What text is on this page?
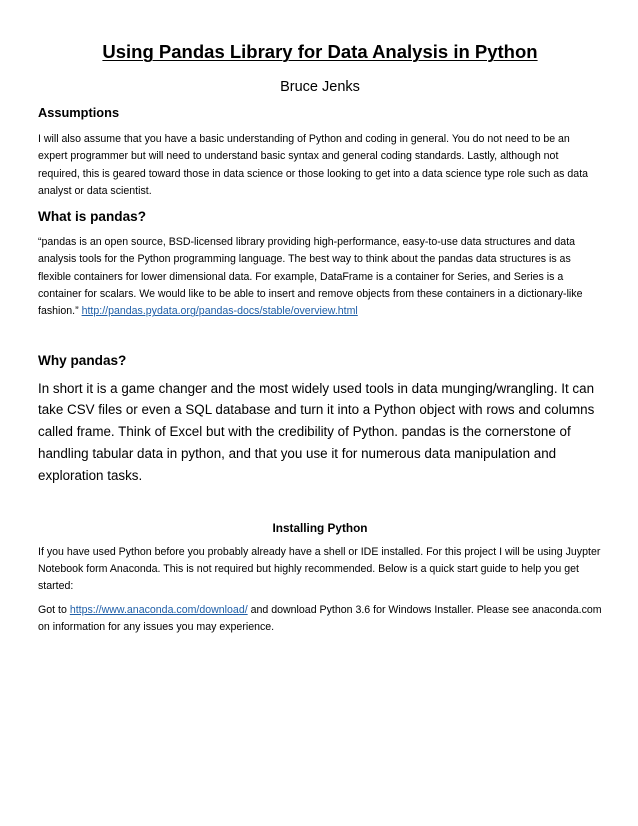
Using Pandas Library for Data Analysis in Python

Bruce Jenks

Assumptions

I will also assume that you have a basic understanding of Python and coding in general. You do not need to be an expert programmer but will need to understand basic syntax and general coding standards. Lastly, although not required, this is geared toward those in data science or those looking to get into a data science type role such as data analyst or data scientist.

What is pandas?

“pandas is an open source, BSD-licensed library providing high-performance, easy-to-use data structures and data analysis tools for the Python programming language. The best way to think about the pandas data structures is as flexible containers for lower dimensional data. For example, DataFrame is a container for Series, and Series is a container for scalars. We would like to be able to insert and remove objects from these containers in a dictionary-like fashion.” http://pandas.pydata.org/pandas-docs/stable/overview.html

Why pandas?

In short it is a game changer and the most widely used tools in data munging/wrangling. It can take CSV files or even a SQL database and turn it into a Python object with rows and columns called frame. Think of Excel but with the credibility of Python. pandas is the cornerstone of handling tabular data in python, and that you use it for numerous data manipulation and exploration tasks.

Installing Python

If you have used Python before you probably already have a shell or IDE installed. For this project I will be using Juypter Notebook form Anaconda. This is not required but highly recommended. Below is a quick start guide to help you get started:

Got to https://www.anaconda.com/download/ and download Python 3.6 for Windows Installer. Please see anaconda.com on information for any issues you may experience.
